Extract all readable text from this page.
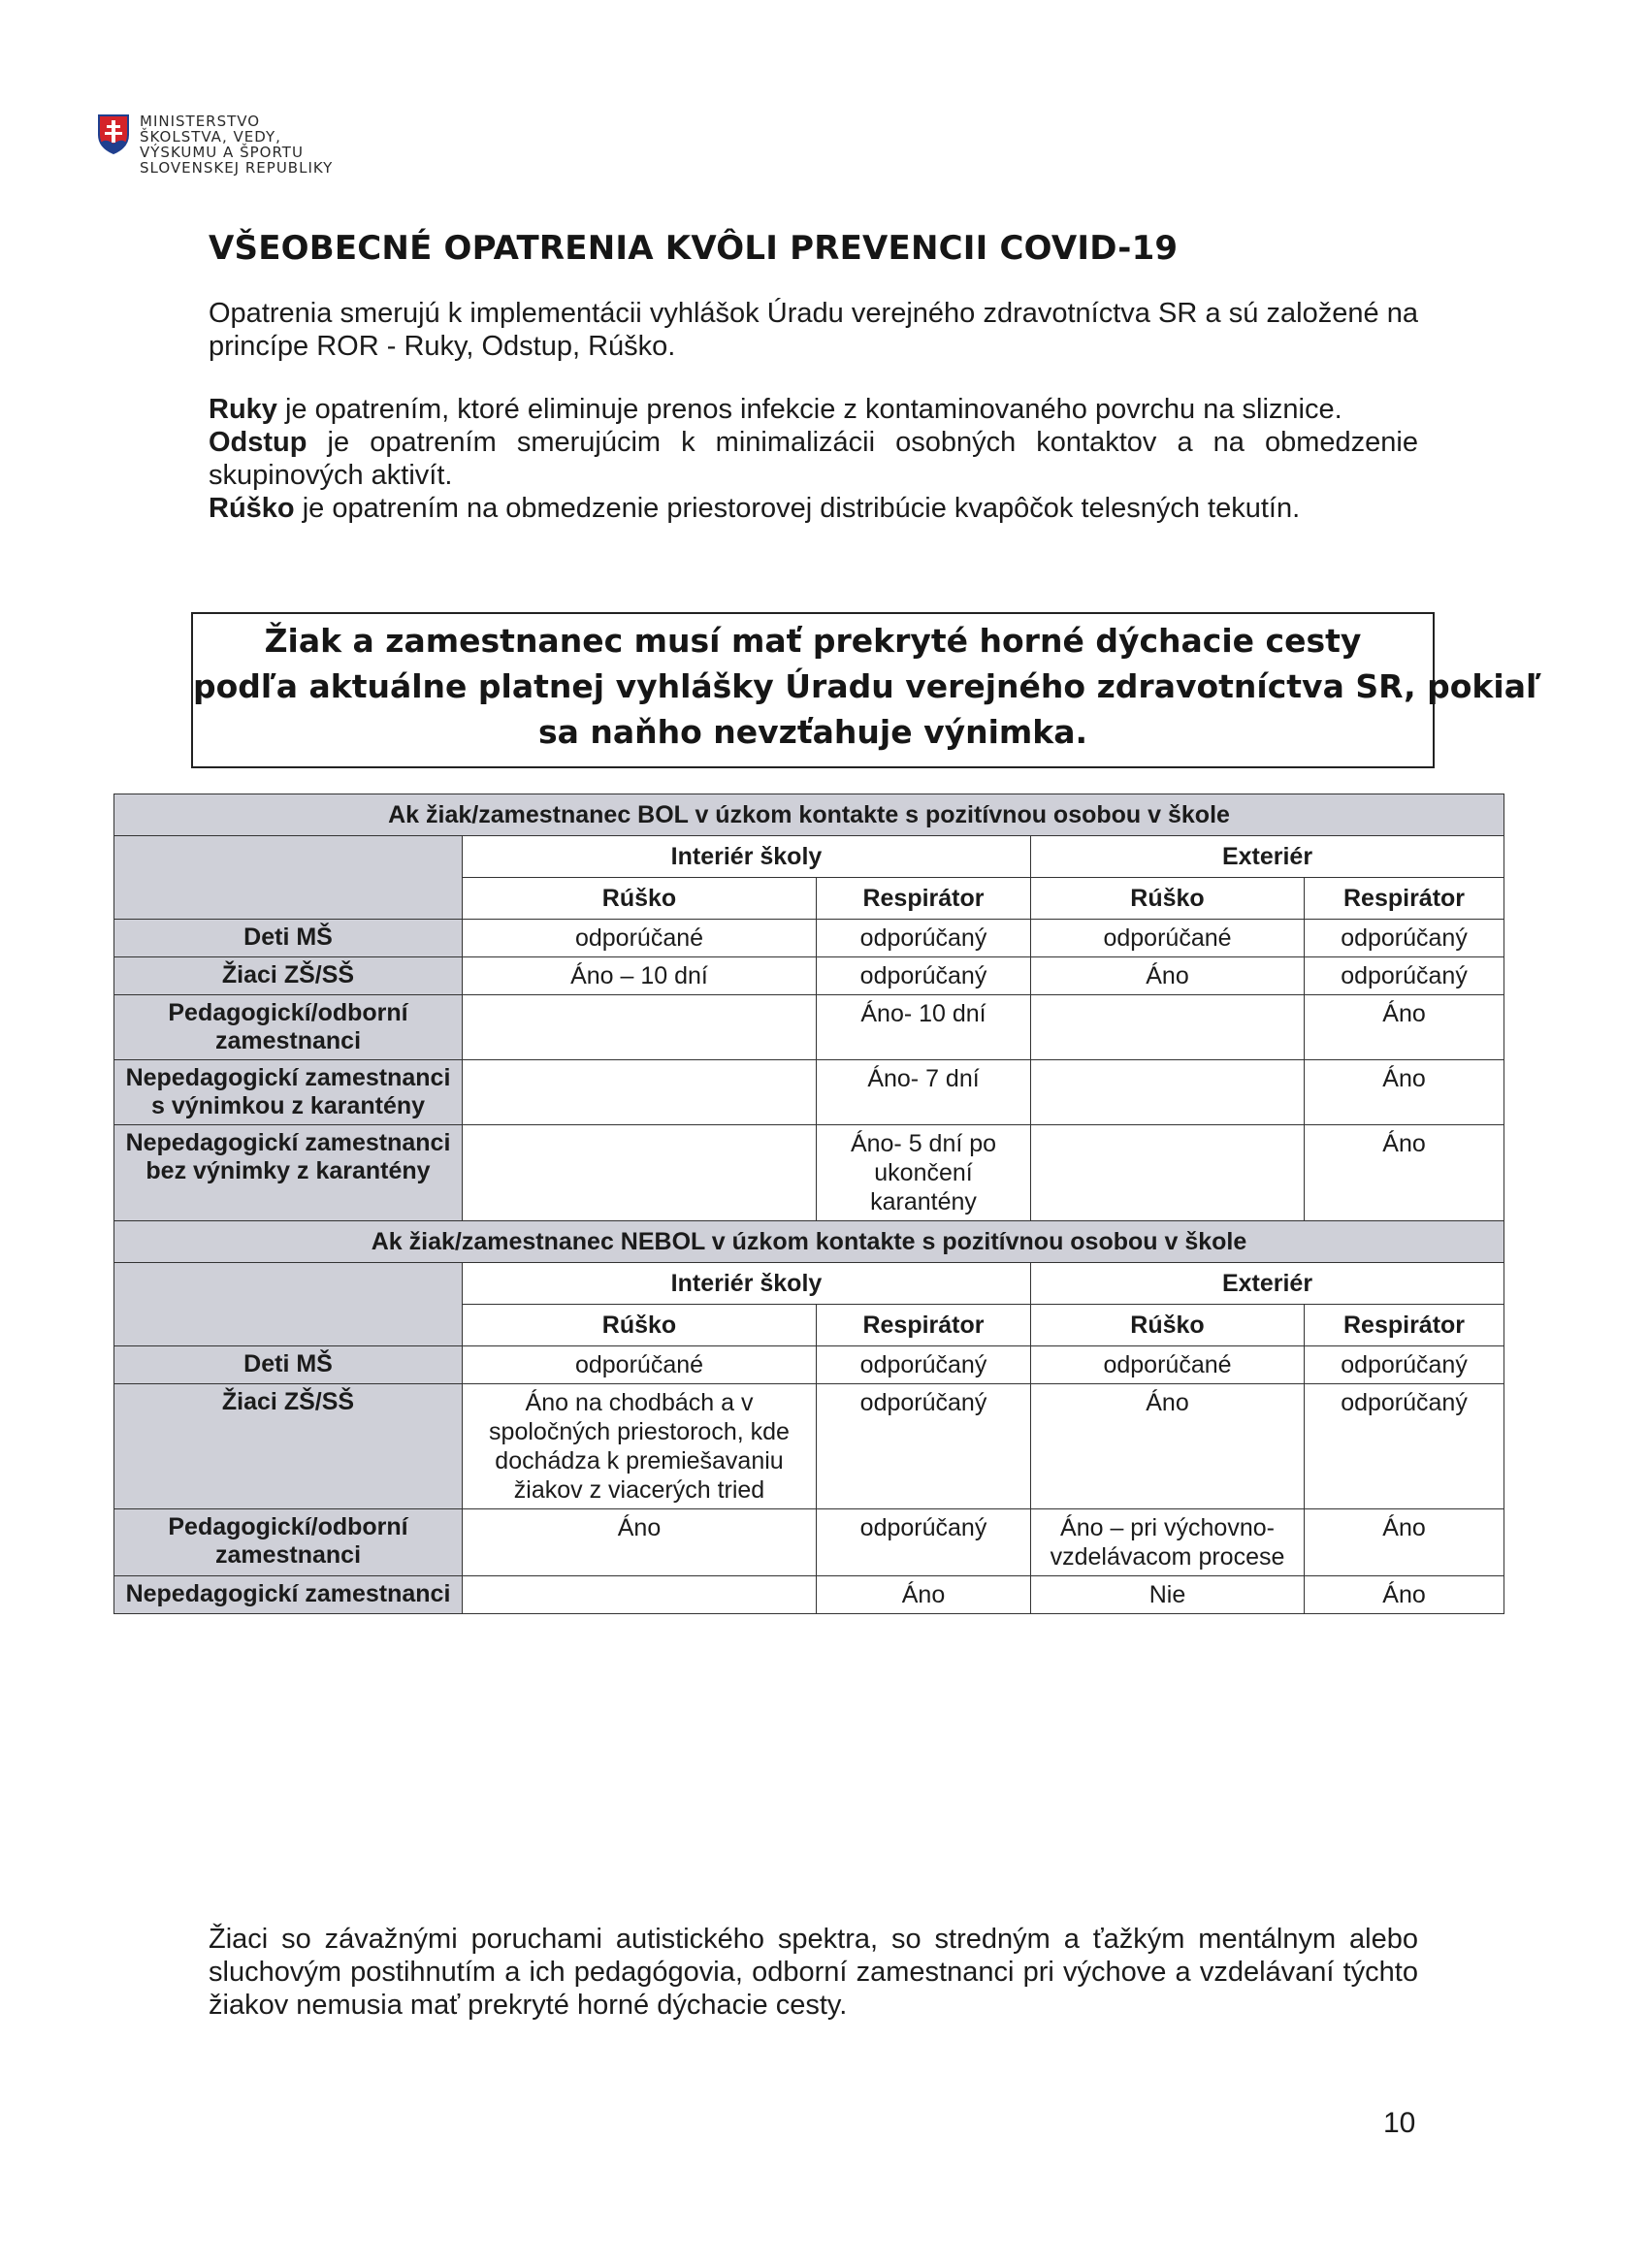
MINISTERSTVO
ŠKOLSTVA, VEDY,
VÝSKUMU A ŠPORTU
SLOVENSKEJ REPUBLIKY
VŠEOBECNÉ OPATRENIA KVÔLI PREVENCII COVID-19

Opatrenia smerujú k implementácii vyhlášok Úradu verejného zdravotníctva SR a sú založené na princípe ROR - Ruky, Odstup, Rúško.

Ruky je opatrením, ktoré eliminuje prenos infekcie z kontaminovaného povrchu na sliznice.

Odstup je opatrením smerujúcim k minimalizácii osobných kontaktov a na obmedzenie skupinových aktivít.

Rúško je opatrením na obmedzenie priestorovej distribúcie kvapôčok telesných tekutín.

Žiak a zamestnanec musí mať prekryté horné dýchacie cesty
podľa aktuálne platnej vyhlášky Úradu verejného zdravotníctva SR, pokiaľ
sa naňho nevzťahuje výnimka.
Ak žiak/zamestnanec BOL v úzkom kontakte s pozitívnou osobou v škole				
	Interiér školy		Exteriér	
	Rúško	Respirátor	Rúško	Respirátor
Deti MŠ	odporúčané	odporúčaný	odporúčané	odporúčaný
Žiaci ZŠ/SŠ	Áno – 10 dní	odporúčaný	Áno	odporúčaný
Pedagogickí/odborní zamestnanci		Áno- 10 dní		Áno
Nepedagogickí zamestnanci s výnimkou z karantény		Áno- 7 dní		Áno
Nepedagogickí zamestnanci bez výnimky z karantény		Áno- 5 dní po ukončení karantény		Áno
Ak žiak/zamestnanec NEBOL v úzkom kontakte s pozitívnou osobou v škole				
	Interiér školy		Exteriér	
	Rúško	Respirátor	Rúško	Respirátor
Deti MŠ	odporúčané	odporúčaný	odporúčané	odporúčaný
Žiaci ZŠ/SŠ	Áno na chodbách a v spoločných priestoroch, kde dochádza k premiešavaniu žiakov z viacerých tried	odporúčaný	Áno	odporúčaný
Pedagogickí/odborní zamestnanci	Áno	odporúčaný	Áno – pri výchovno-vzdelávacom procese	Áno
Nepedagogickí zamestnanci		Áno	Nie	Áno

Žiaci so závažnými poruchami autistického spektra, so stredným a ťažkým mentálnym alebo sluchovým postihnutím a ich pedagógovia, odborní zamestnanci pri výchove a vzdelávaní týchto žiakov nemusia mať prekryté horné dýchacie cesty.

10
